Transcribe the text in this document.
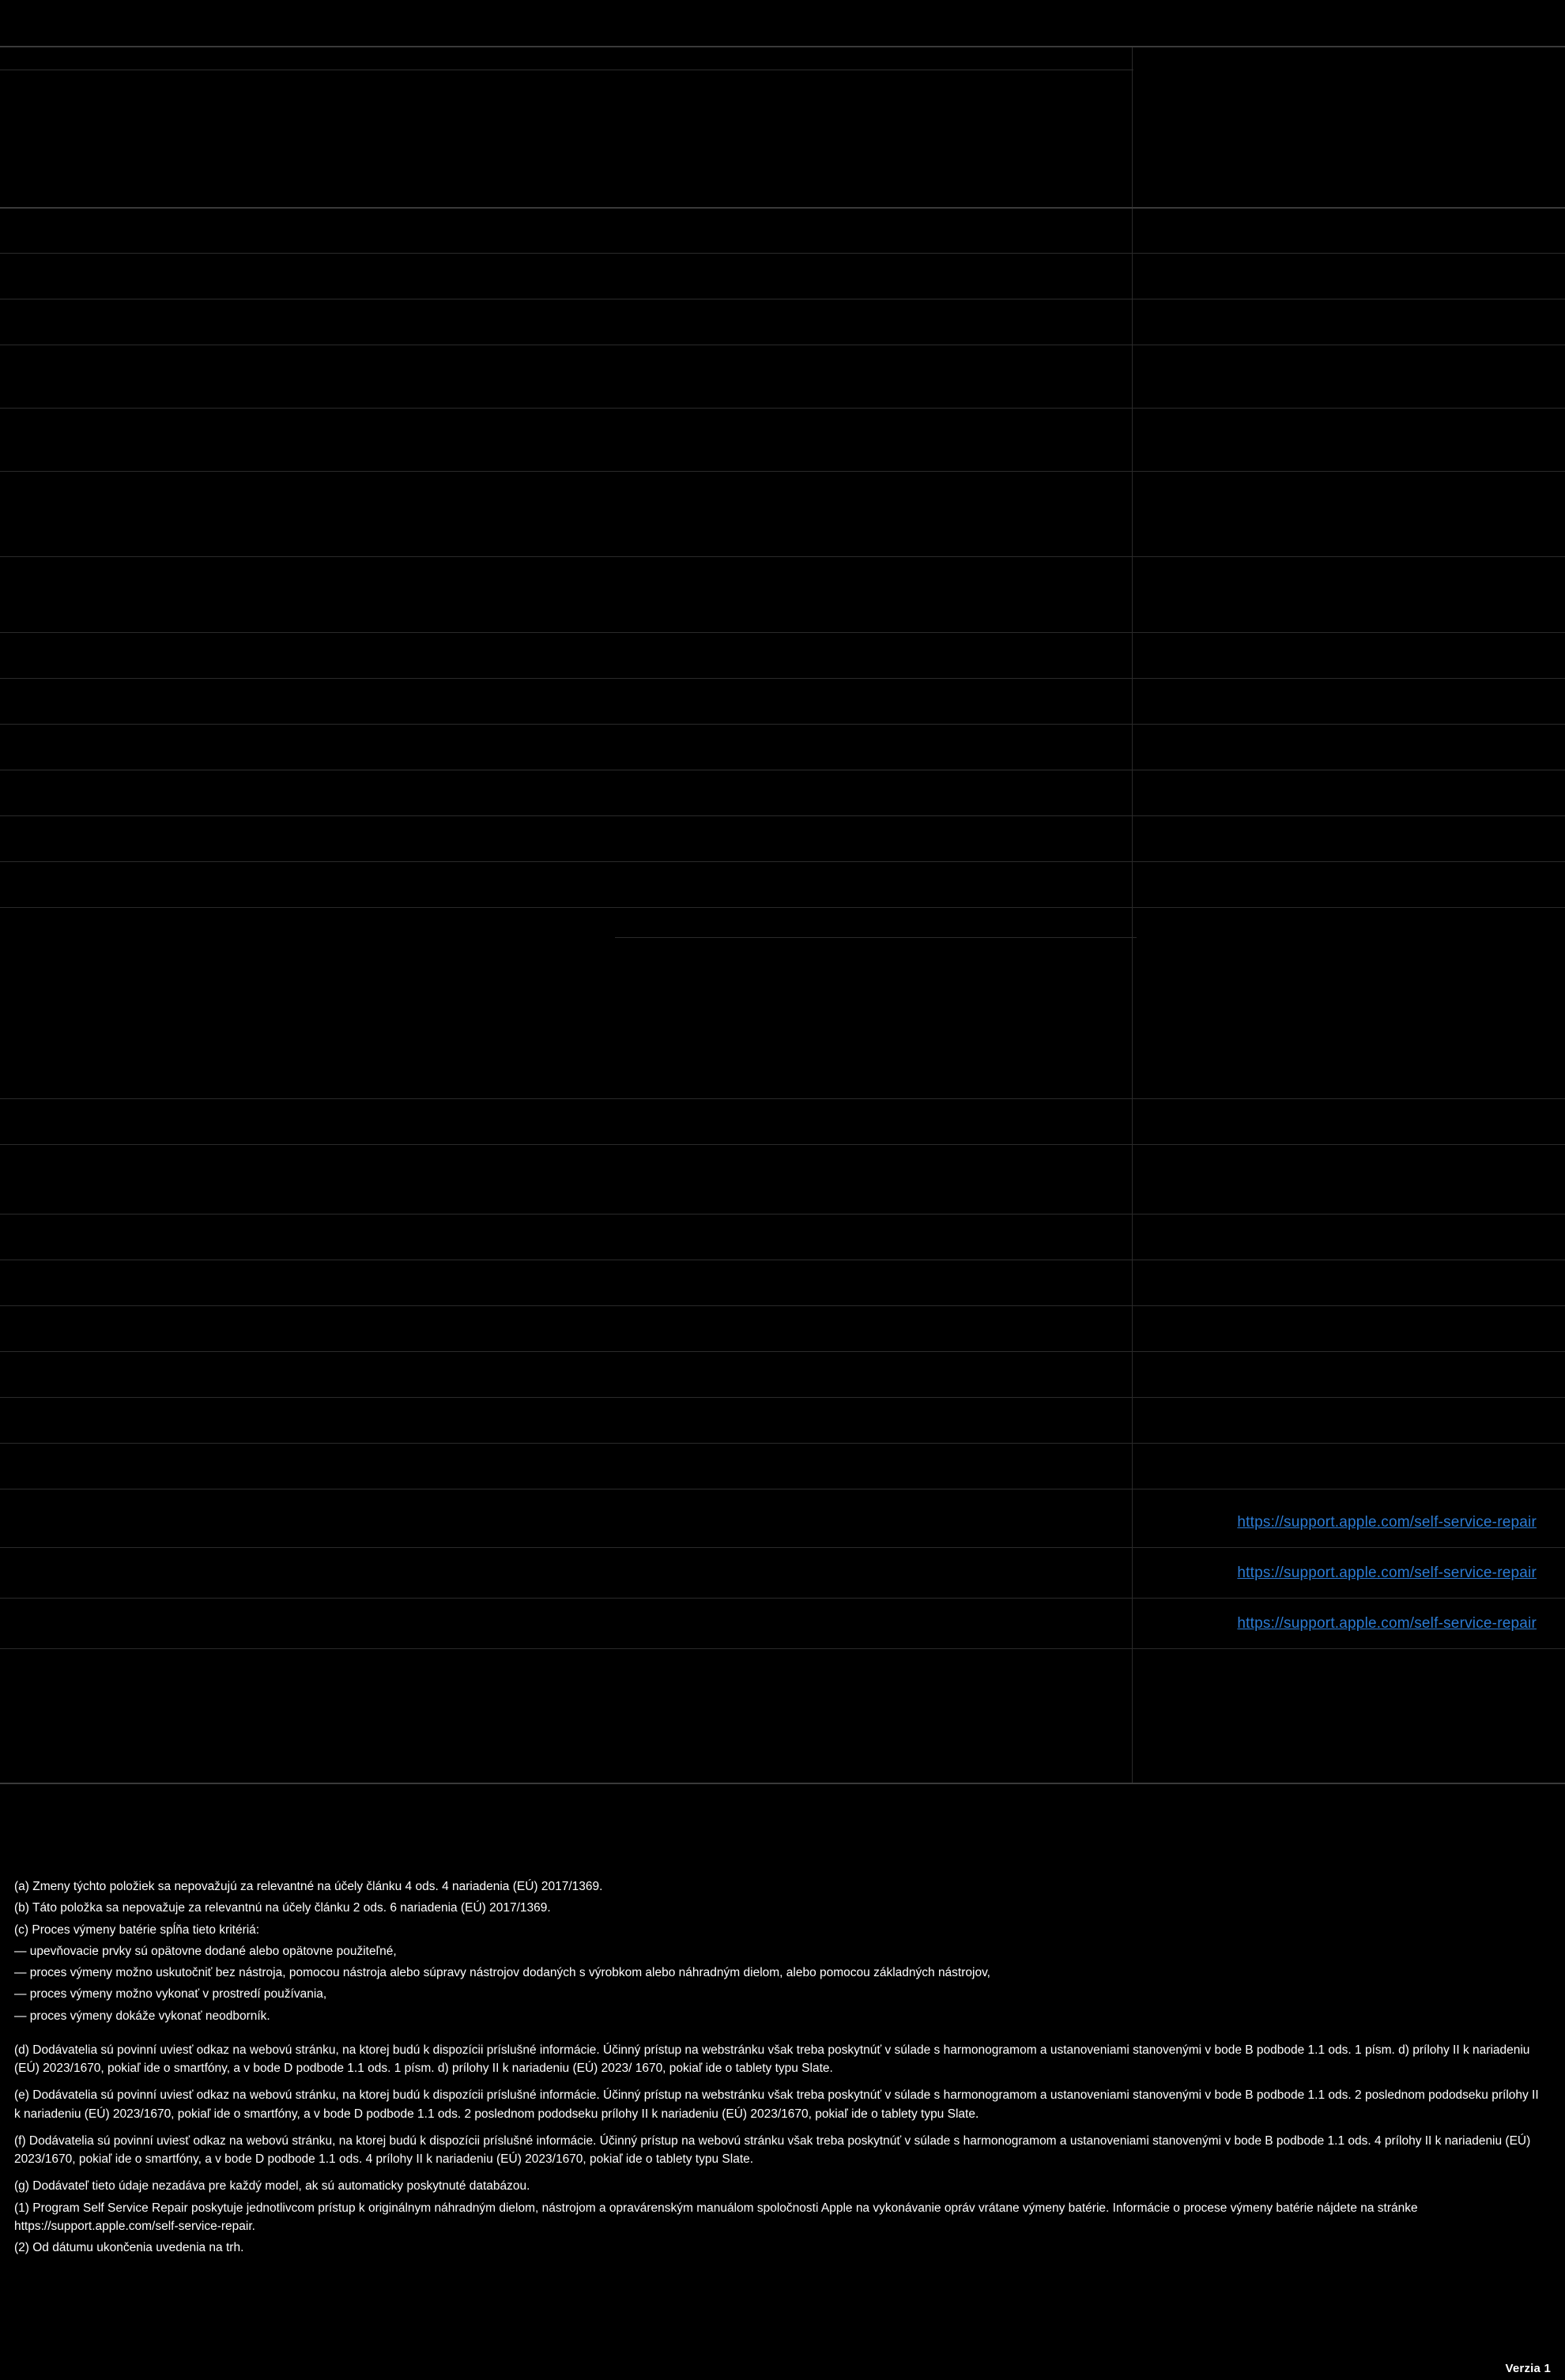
https://support.apple.com/self-service-repair
https://support.apple.com/self-service-repair
https://support.apple.com/self-service-repair

(a) Zmeny týchto položiek sa nepovažujú za relevantné na účely článku 4 ods. 4 nariadenia (EÚ) 2017/1369.

(b) Táto položka sa nepovažuje za relevantnú na účely článku 2 ods. 6 nariadenia (EÚ) 2017/1369.

(c) Proces výmeny batérie spĺňa tieto kritériá:

— upevňovacie prvky sú opätovne dodané alebo opätovne použiteľné,

— proces výmeny možno uskutočniť bez nástroja, pomocou nástroja alebo súpravy nástrojov dodaných s výrobkom alebo náhradným dielom, alebo pomocou základných nástrojov,

— proces výmeny možno vykonať v prostredí používania,

— proces výmeny dokáže vykonať neodborník.

(d) Dodávatelia sú povinní uviesť odkaz na webovú stránku, na ktorej budú k dispozícii príslušné informácie. Účinný prístup na webstránku však treba poskytnúť v súlade s harmonogramom a ustanoveniami stanovenými v bode B podbode 1.1 ods. 1 písm. d) prílohy II k nariadeniu (EÚ) 2023/1670, pokiaľ ide o smartfóny, a v bode D podbode 1.1 ods. 1 písm. d) prílohy II k nariadeniu (EÚ) 2023/ 1670, pokiaľ ide o tablety typu Slate.

(e) Dodávatelia sú povinní uviesť odkaz na webovú stránku, na ktorej budú k dispozícii príslušné informácie. Účinný prístup na webstránku však treba poskytnúť v súlade s harmonogramom a ustanoveniami stanovenými v bode B podbode 1.1 ods. 2 poslednom pododseku prílohy II k nariadeniu (EÚ) 2023/1670, pokiaľ ide o smartfóny, a v bode D podbode 1.1 ods. 2 poslednom pododseku prílohy II k nariadeniu (EÚ) 2023/1670, pokiaľ ide o tablety typu Slate.

(f) Dodávatelia sú povinní uviesť odkaz na webovú stránku, na ktorej budú k dispozícii príslušné informácie. Účinný prístup na webovú stránku však treba poskytnúť v súlade s harmonogramom a ustanoveniami stanovenými v bode B podbode 1.1 ods. 4 prílohy II k nariadeniu (EÚ) 2023/1670, pokiaľ ide o smartfóny, a v bode D podbode 1.1 ods. 4 prílohy II k nariadeniu (EÚ) 2023/1670, pokiaľ ide o tablety typu Slate.

(g) Dodávateľ tieto údaje nezadáva pre každý model, ak sú automaticky poskytnuté databázou.

(1) Program Self Service Repair poskytuje jednotlivcom prístup k originálnym náhradným dielom, nástrojom a opravárenským manuálom spoločnosti Apple na vykonávanie opráv vrátane výmeny batérie. Informácie o procese výmeny batérie nájdete na stránke https://support.apple.com/self-service-repair.

(2) Od dátumu ukončenia uvedenia na trh.

Verzia 1
